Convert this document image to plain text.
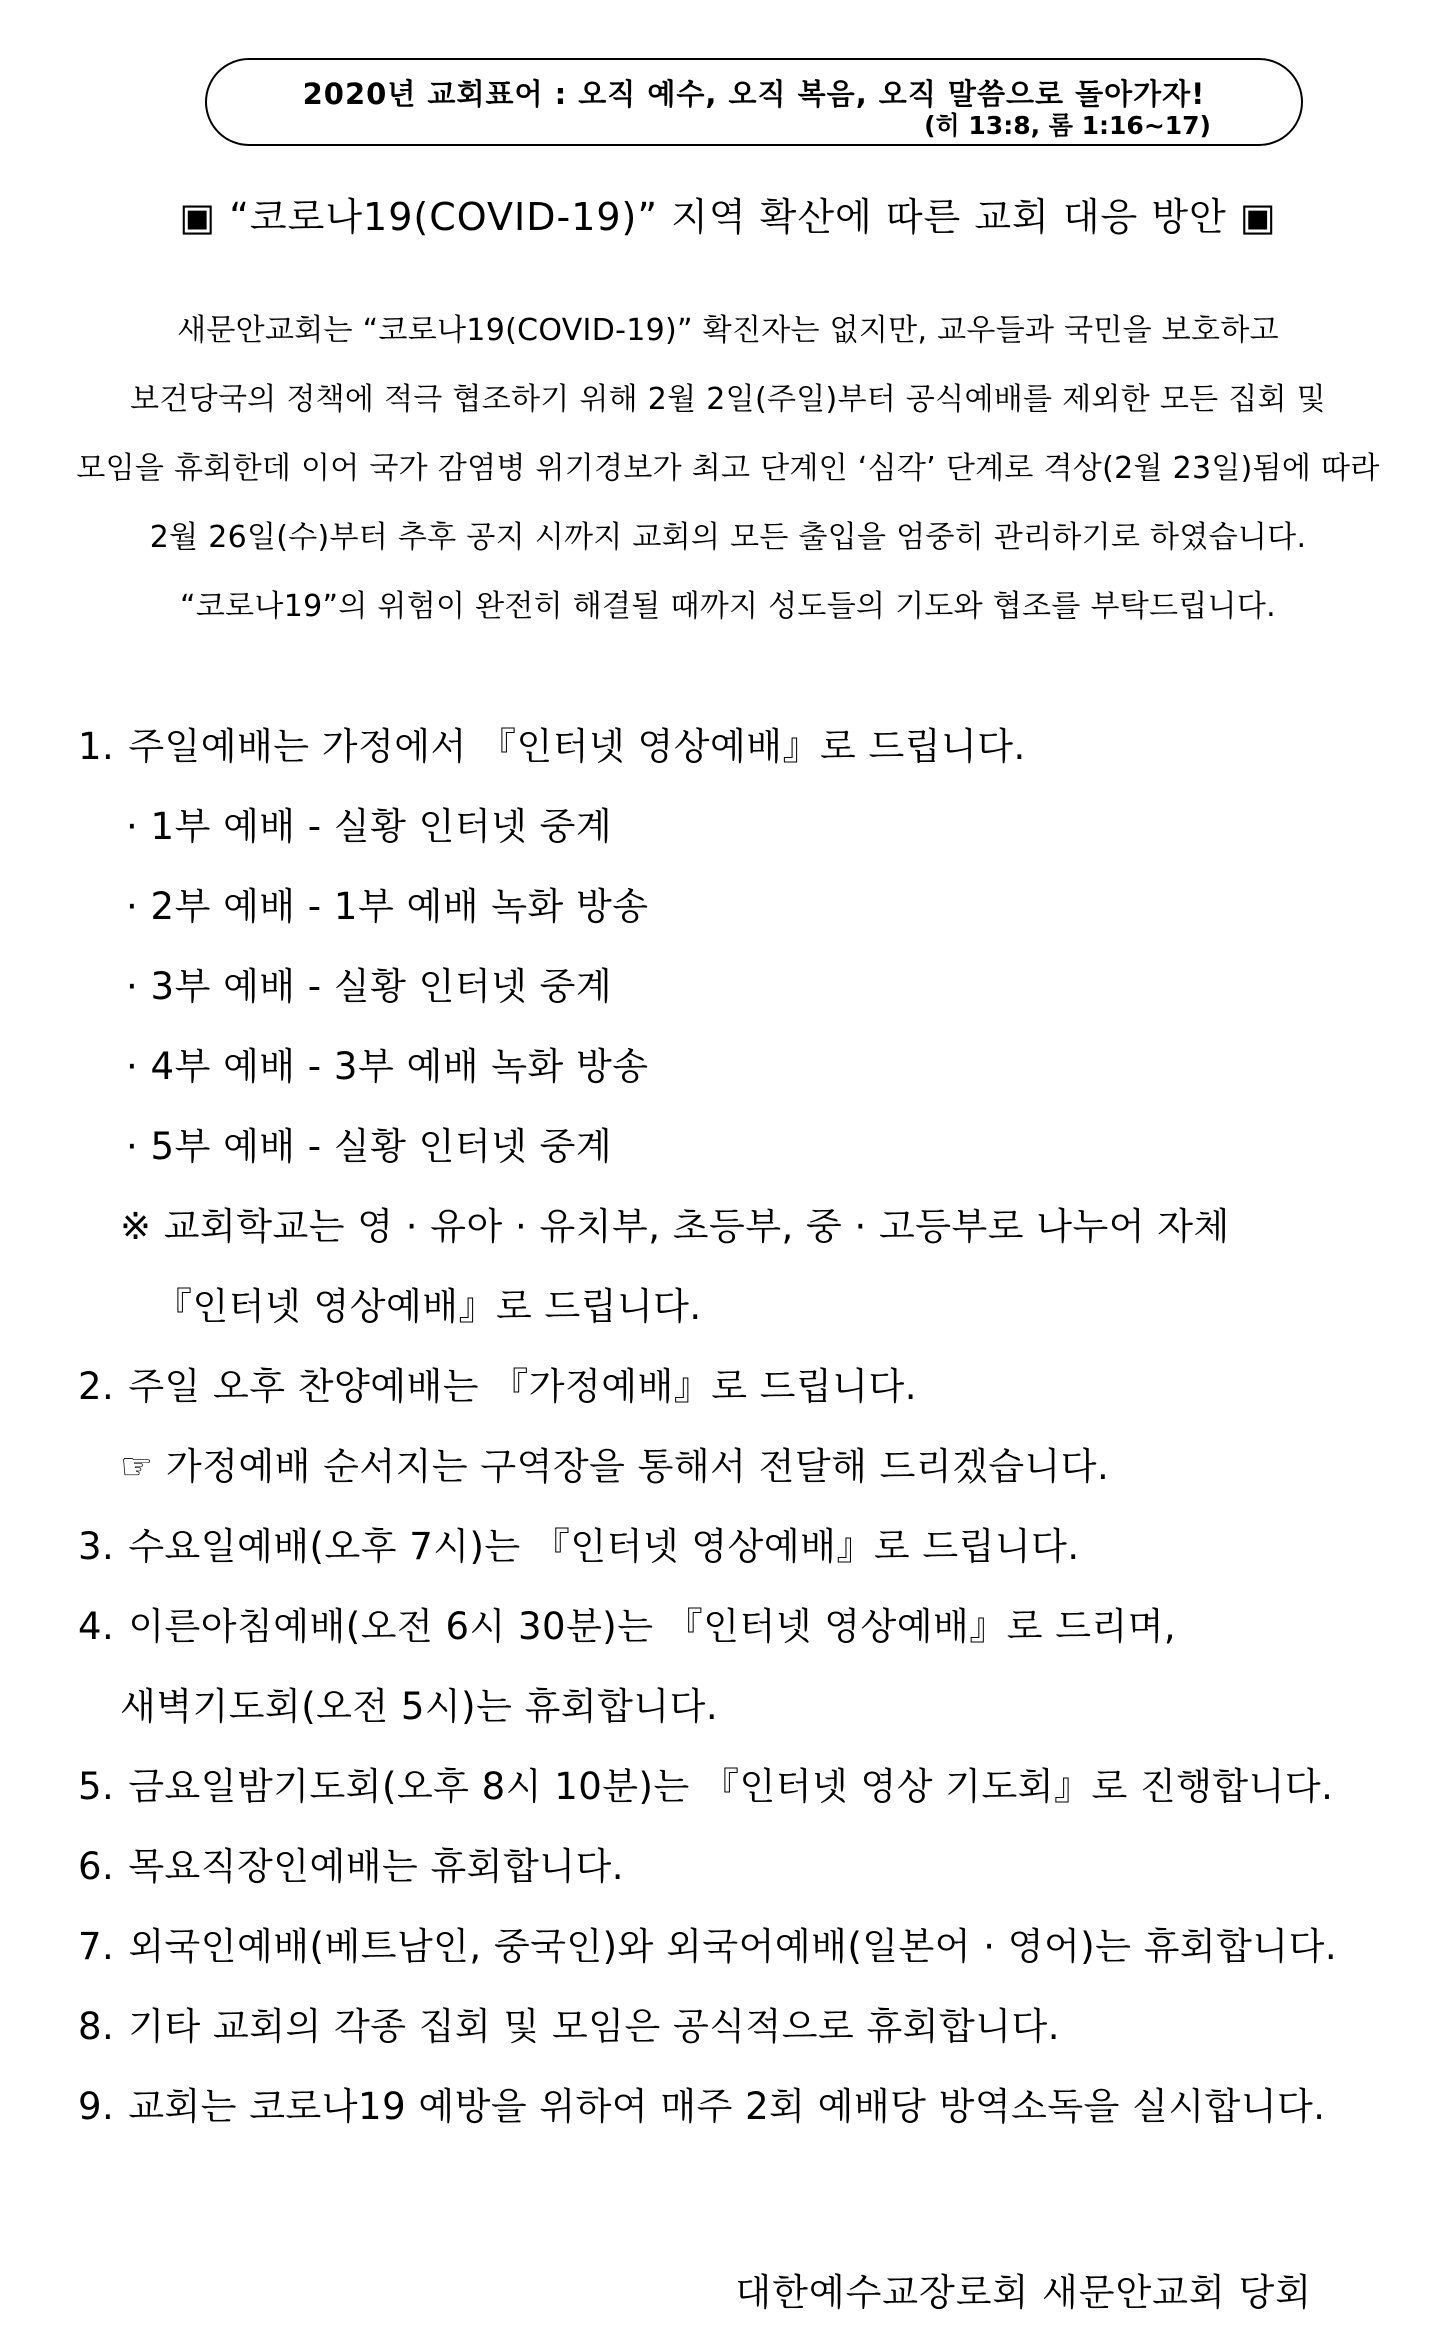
2020년 교회표어 : 오직 예수, 오직 복음, 오직 말씀으로 돌아가자!
(히 13:8, 롬 1:16~17)
▣ “코로나19(COVID-19)” 지역 확산에 따른 교회 대응 방안 ▣
새문안교회는 “코로나19(COVID-19)” 확진자는 없지만, 교우들과 국민을 보호하고
보건당국의 정책에 적극 협조하기 위해 2월 2일(주일)부터 공식예배를 제외한 모든 집회 및
모임을 휴회한데 이어 국가 감염병 위기경보가 최고 단계인 ‘심각’ 단계로 격상(2월 23일)됨에 따라
2월 26일(수)부터 추후 공지 시까지 교회의 모든 출입을 엄중히 관리하기로 하였습니다.
“코로나19”의 위험이 완전히 해결될 때까지 성도들의 기도와 협조를 부탁드립니다.
1. 주일예배는 가정에서 『인터넷 영상예배』로 드립니다.
· 1부 예배 - 실황 인터넷 중계
· 2부 예배 - 1부 예배 녹화 방송
· 3부 예배 - 실황 인터넷 중계
· 4부 예배 - 3부 예배 녹화 방송
· 5부 예배 - 실황 인터넷 중계
※ 교회학교는 영 · 유아 · 유치부, 초등부, 중 · 고등부로 나누어 자체
『인터넷 영상예배』로 드립니다.
2. 주일 오후 찬양예배는 『가정예배』로 드립니다.
☞ 가정예배 순서지는 구역장을 통해서 전달해 드리겠습니다.
3. 수요일예배(오후 7시)는 『인터넷 영상예배』로 드립니다.
4. 이른아침예배(오전 6시 30분)는 『인터넷 영상예배』로 드리며,
새벽기도회(오전 5시)는 휴회합니다.
5. 금요일밤기도회(오후 8시 10분)는 『인터넷 영상 기도회』로 진행합니다.
6. 목요직장인예배는 휴회합니다.
7. 외국인예배(베트남인, 중국인)와 외국어예배(일본어 · 영어)는 휴회합니다.
8. 기타 교회의 각종 집회 및 모임은 공식적으로 휴회합니다.
9. 교회는 코로나19 예방을 위하여 매주 2회 예배당 방역소독을 실시합니다.
대한예수교장로회 새문안교회 당회
